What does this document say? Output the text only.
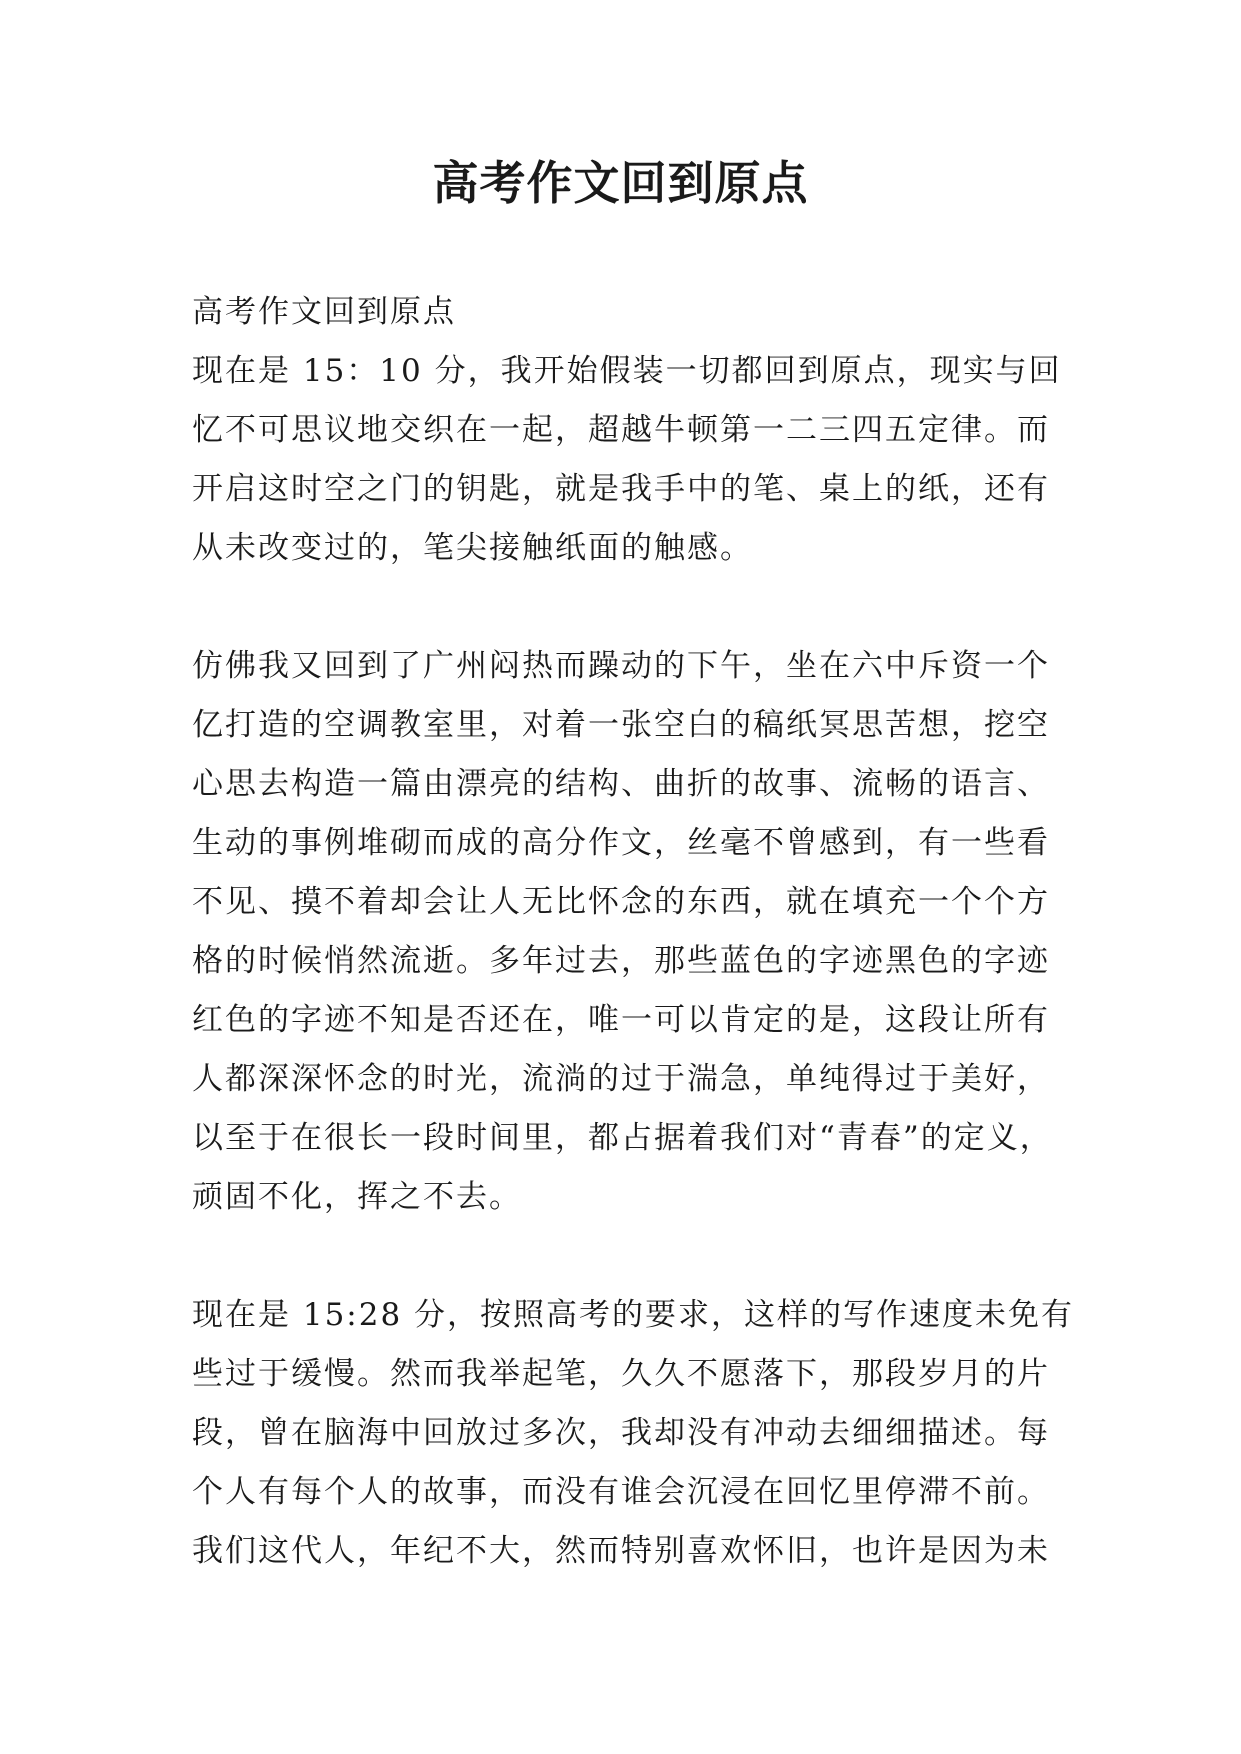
高考作文回到原点
高考作文回到原点
现在是 15：10 分，我开始假装一切都回到原点，现实与回
忆不可思议地交织在一起，超越牛顿第一二三四五定律。而
开启这时空之门的钥匙，就是我手中的笔、桌上的纸，还有
从未改变过的，笔尖接触纸面的触感。
仿佛我又回到了广州闷热而躁动的下午，坐在六中斥资一个
亿打造的空调教室里，对着一张空白的稿纸冥思苦想，挖空
心思去构造一篇由漂亮的结构、曲折的故事、流畅的语言、
生动的事例堆砌而成的高分作文，丝毫不曾感到，有一些看
不见、摸不着却会让人无比怀念的东西，就在填充一个个方
格的时候悄然流逝。多年过去，那些蓝色的字迹黑色的字迹
红色的字迹不知是否还在，唯一可以肯定的是，这段让所有
人都深深怀念的时光，流淌的过于湍急，单纯得过于美好，
以至于在很长一段时间里，都占据着我们对“青春”的定义，
顽固不化，挥之不去。
现在是 15:28 分，按照高考的要求，这样的写作速度未免有
些过于缓慢。然而我举起笔，久久不愿落下，那段岁月的片
段，曾在脑海中回放过多次，我却没有冲动去细细描述。每
个人有每个人的故事，而没有谁会沉浸在回忆里停滞不前。
我们这代人，年纪不大，然而特别喜欢怀旧，也许是因为未
